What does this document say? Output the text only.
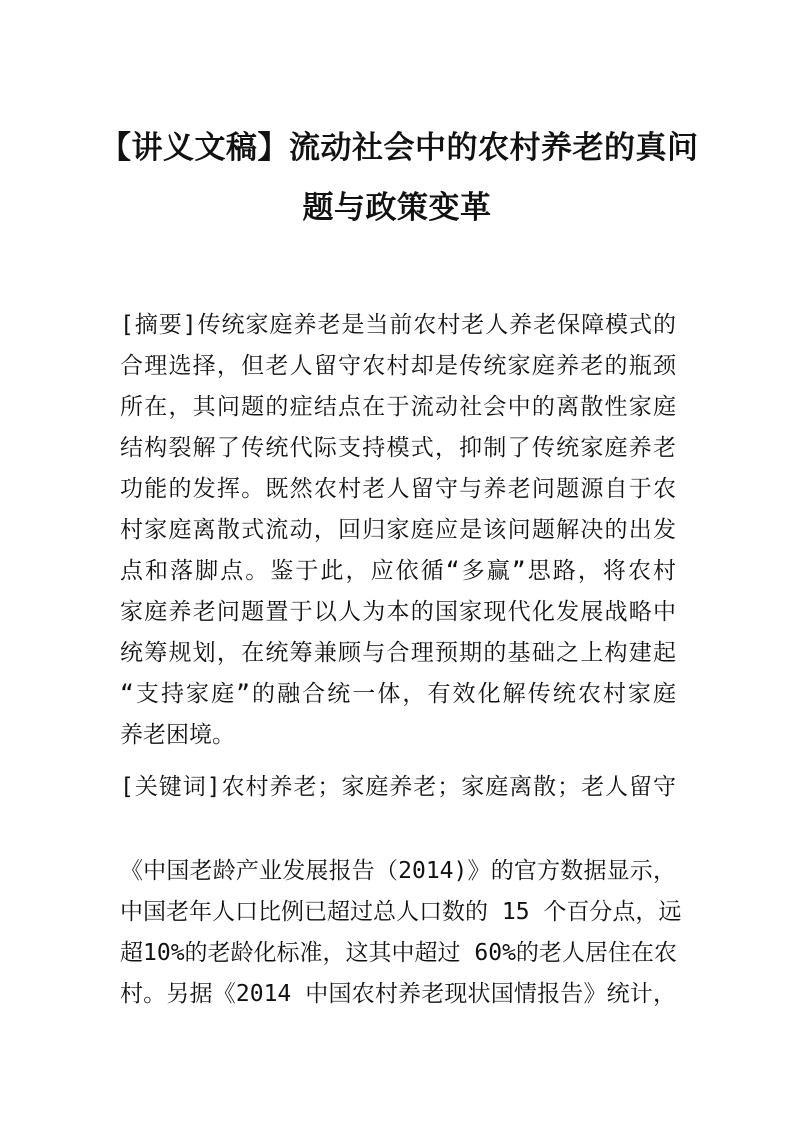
【讲义文稿】流动社会中的农村养老的真问
题与政策变革
[摘要]传统家庭养老是当前农村老人养老保障模式的
合理选择，但老人留守农村却是传统家庭养老的瓶颈
所在，其问题的症结点在于流动社会中的离散性家庭
结构裂解了传统代际支持模式，抑制了传统家庭养老
功能的发挥。既然农村老人留守与养老问题源自于农
村家庭离散式流动，回归家庭应是该问题解决的出发
点和落脚点。鉴于此，应依循“多赢”思路，将农村
家庭养老问题置于以人为本的国家现代化发展战略中
统筹规划，在统筹兼顾与合理预期的基础之上构建起
“支持家庭”的融合统一体，有效化解传统农村家庭
养老困境。
[关键词]农村养老；家庭养老；家庭离散；老人留守
《中国老龄产业发展报告（2014)》的官方数据显示，
中国老年人口比例已超过总人口数的 15 个百分点，远
超10%的老龄化标准，这其中超过 60%的老人居住在农
村。另据《2014 中国农村养老现状国情报告》统计，
